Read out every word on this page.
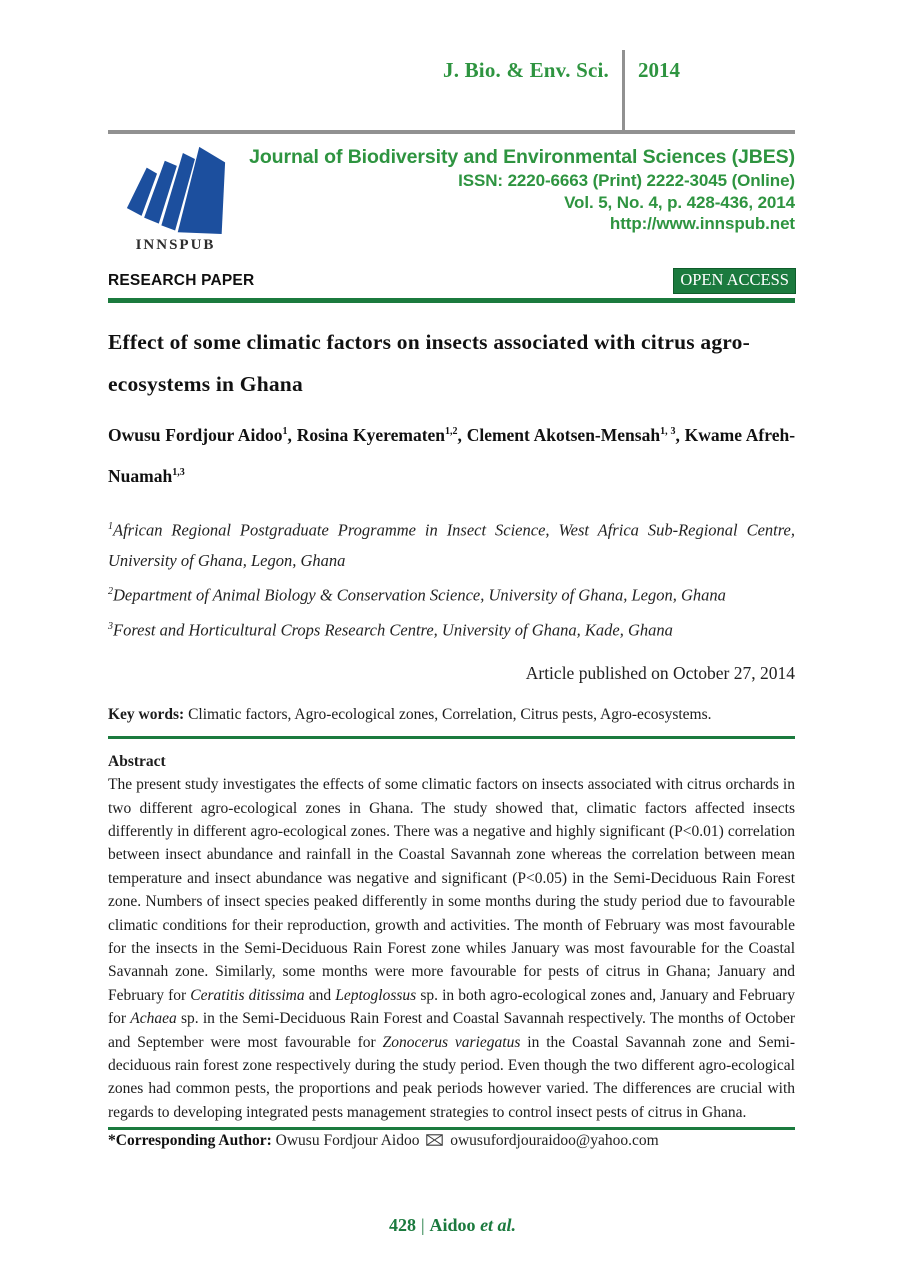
J. Bio. & Env. Sci.	2014
INNSPUB
Journal of Biodiversity and Environmental Sciences (JBES)
ISSN: 2220-6663 (Print) 2222-3045 (Online)
Vol. 5, No. 4, p. 428-436, 2014
http://www.innspub.net
RESEARCH PAPER	OPEN ACCESS
Effect of some climatic factors on insects associated with citrus agro-ecosystems in Ghana

Owusu Fordjour Aidoo$^1$, Rosina Kyerematen$^{1,2}$, Clement Akotsen-Mensah$^{1, 3}$, Kwame Afreh-Nuamah$^{1,3}$

$^1$African Regional Postgraduate Programme in Insect Science, West Africa Sub-Regional Centre, University of Ghana, Legon, Ghana

$^2$Department of Animal Biology & Conservation Science, University of Ghana, Legon, Ghana

$^3$Forest and Horticultural Crops Research Centre, University of Ghana, Kade, Ghana

Article published on October 27, 2014

Key words: Climatic factors, Agro-ecological zones, Correlation, Citrus pests, Agro-ecosystems.

Abstract

The present study investigates the effects of some climatic factors on insects associated with citrus orchards in two different agro-ecological zones in Ghana. The study showed that, climatic factors affected insects differently in different agro-ecological zones. There was a negative and highly significant (P<0.01) correlation between insect abundance and rainfall in the Coastal Savannah zone whereas the correlation between mean temperature and insect abundance was negative and significant (P<0.05) in the Semi-Deciduous Rain Forest zone. Numbers of insect species peaked differently in some months during the study period due to favourable climatic conditions for their reproduction, growth and activities. The month of February was most favourable for the insects in the Semi-Deciduous Rain Forest zone whiles January was most favourable for the Coastal Savannah zone. Similarly, some months were more favourable for pests of citrus in Ghana; January and February for Ceratitis ditissima and Leptoglossus sp. in both agro-ecological zones and, January and February for Achaea sp. in the Semi-Deciduous Rain Forest and Coastal Savannah respectively. The months of October and September were most favourable for Zonocerus variegatus in the Coastal Savannah zone and Semi-deciduous rain forest zone respectively during the study period. Even though the two different agro-ecological zones had common pests, the proportions and peak periods however varied. The differences are crucial with regards to developing integrated pests management strategies to control insect pests of citrus in Ghana.

*Corresponding Author: Owusu Fordjour Aidoo owusufordjouraidoo@yahoo.com

428 | Aidoo et al.
